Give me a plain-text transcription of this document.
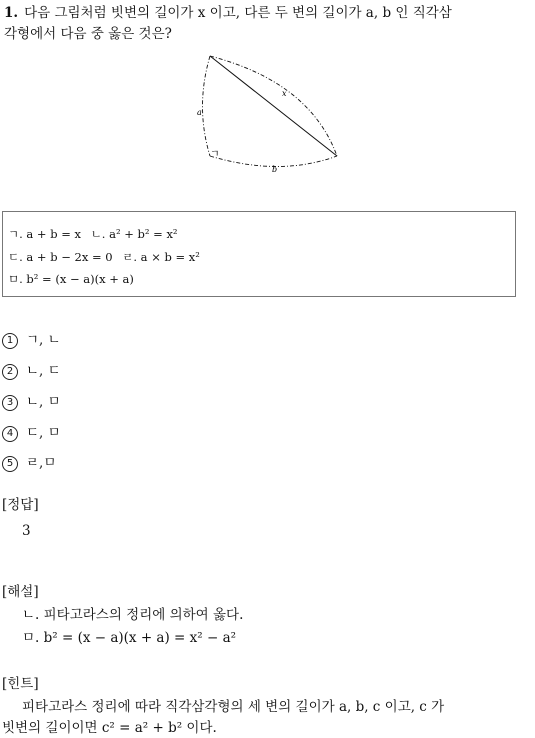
1. 다음 그림처럼 빗변의 길이가 x 이고, 다른 두 변의 길이가 a, b 인 직각삼
각형에서 다음 중 옳은 것은?
x
a
b
ㄱ
ㄱ. a + b = x ㄴ. a² + b² = x²
ㄷ. a + b − 2x = 0 ㄹ. a × b = x²
ㅁ. b² = (x − a)(x + a)
1 ㄱ, ㄴ
2 ㄴ, ㄷ
3 ㄴ, ㅁ
4 ㄷ, ㅁ
5 ㄹ,ㅁ
[정답]
3
[해설]
ㄴ. 피타고라스의 정리에 의하여 옳다.
ㅁ. b² = (x − a)(x + a) = x² − a²
[힌트]
피타고라스 정리에 따라 직각삼각형의 세 변의 길이가 a, b, c 이고, c 가
빗변의 길이이면 c² = a² + b² 이다.
